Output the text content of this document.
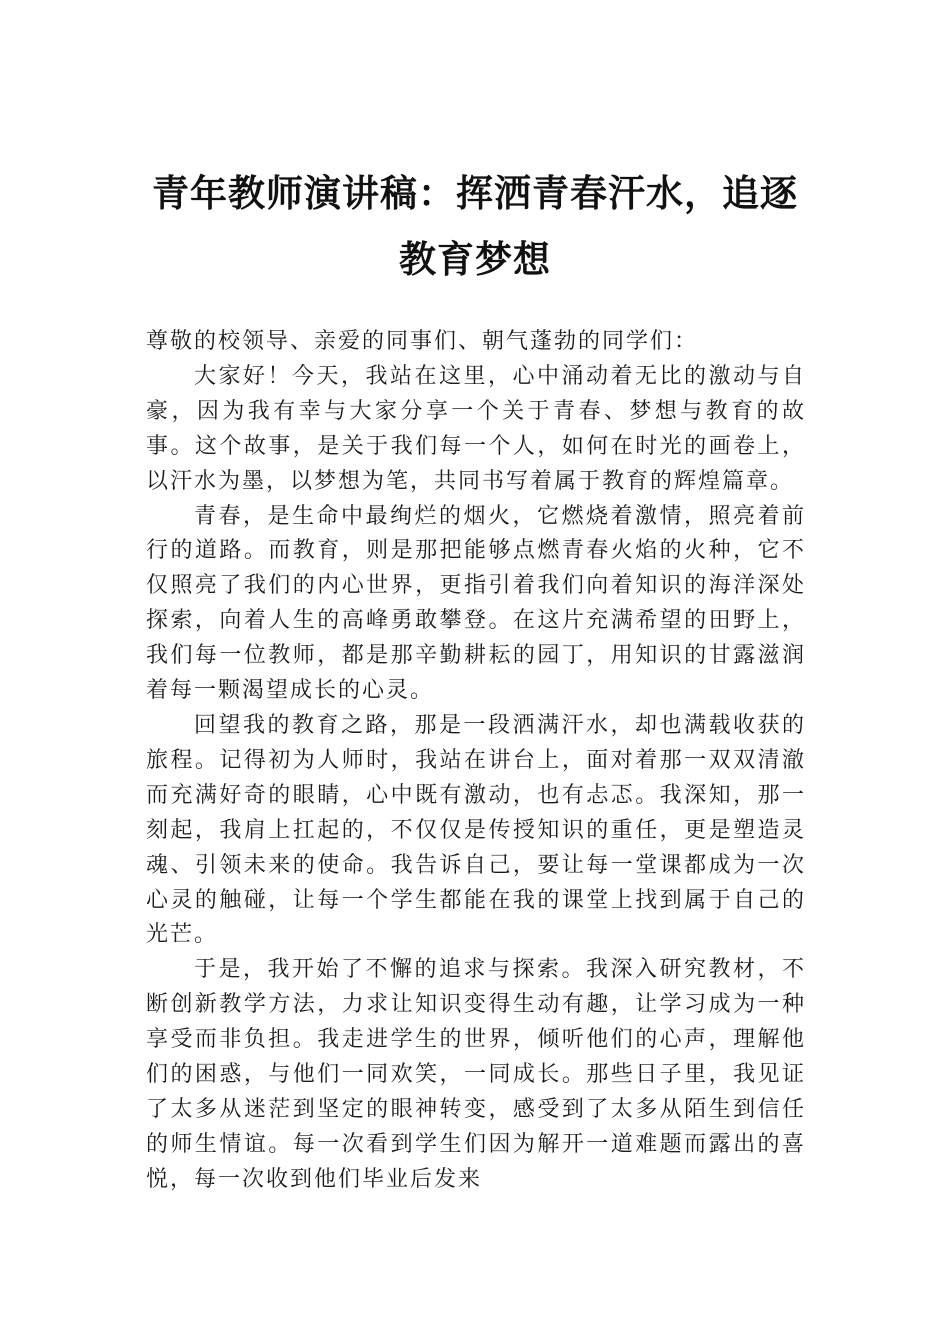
青年教师演讲稿：挥洒青春汗水，追逐教育梦想

尊敬的校领导、亲爱的同事们、朝气蓬勃的同学们：

大家好！今天，我站在这里，心中涌动着无比的激动与自豪，因为我有幸与大家分享一个关于青春、梦想与教育的故事。这个故事，是关于我们每一个人，如何在时光的画卷上，以汗水为墨，以梦想为笔，共同书写着属于教育的辉煌篇章。

青春，是生命中最绚烂的烟火，它燃烧着激情，照亮着前行的道路。而教育，则是那把能够点燃青春火焰的火种，它不仅照亮了我们的内心世界，更指引着我们向着知识的海洋深处探索，向着人生的高峰勇敢攀登。在这片充满希望的田野上，我们每一位教师，都是那辛勤耕耘的园丁，用知识的甘露滋润着每一颗渴望成长的心灵。

回望我的教育之路，那是一段洒满汗水，却也满载收获的旅程。记得初为人师时，我站在讲台上，面对着那一双双清澈而充满好奇的眼睛，心中既有激动，也有忐忑。我深知，那一刻起，我肩上扛起的，不仅仅是传授知识的重任，更是塑造灵魂、引领未来的使命。我告诉自己，要让每一堂课都成为一次心灵的触碰，让每一个学生都能在我的课堂上找到属于自己的光芒。

于是，我开始了不懈的追求与探索。我深入研究教材，不断创新教学方法，力求让知识变得生动有趣，让学习成为一种享受而非负担。我走进学生的世界，倾听他们的心声，理解他们的困惑，与他们一同欢笑，一同成长。那些日子里，我见证了太多从迷茫到坚定的眼神转变，感受到了太多从陌生到信任的师生情谊。每一次看到学生们因为解开一道难题而露出的喜悦，每一次收到他们毕业后发来
